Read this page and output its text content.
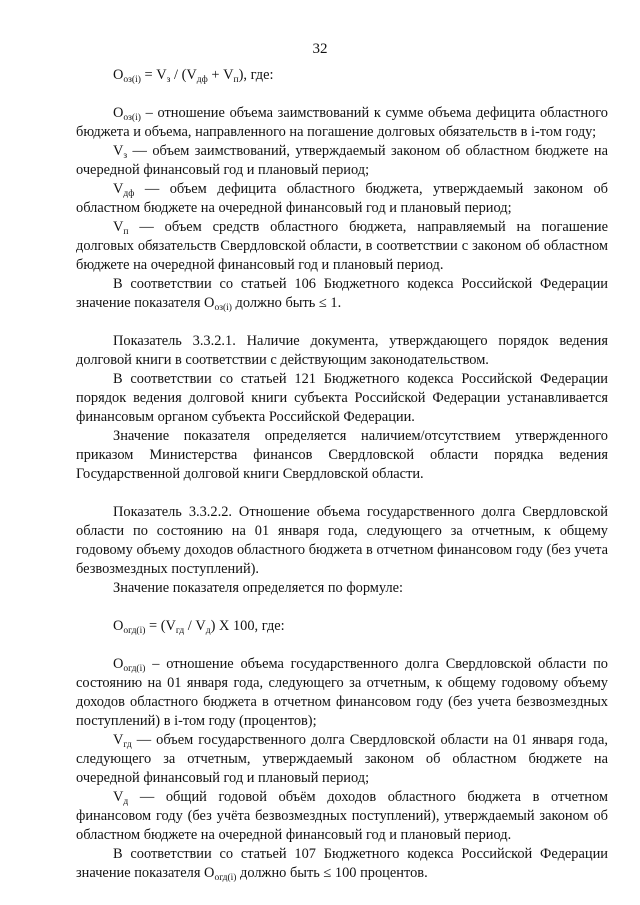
32

$О_{оз(i)} = V_з / (V_{дф} + V_п)$, где:

$О_{оз(i)}$ – отношение объема заимствований к сумме объема дефицита областного бюджета и объема, направленного на погашение долговых обязательств в i-том году;

$V_з$ — объем заимствований, утверждаемый законом об областном бюджете на очередной финансовый год и плановый период;

$V_{дф}$ — объем дефицита областного бюджета, утверждаемый законом об областном бюджете на очередной финансовый год и плановый период;

$V_п$ — объем средств областного бюджета, направляемый на погашение долговых обязательств Свердловской области, в соответствии с законом об областном бюджете на очередной финансовый год и плановый период.

В соответствии со статьей 106 Бюджетного кодекса Российской Федерации значение показателя $О_{оз(i)}$ должно быть ≤ 1.

Показатель 3.3.2.1. Наличие документа, утверждающего порядок ведения долговой книги в соответствии с действующим законодательством.

В соответствии со статьей 121 Бюджетного кодекса Российской Федерации порядок ведения долговой книги субъекта Российской Федерации устанавливается финансовым органом субъекта Российской Федерации.

Значение показателя определяется наличием/отсутствием утвержденного приказом Министерства финансов Свердловской области порядка ведения Государственной долговой книги Свердловской области.

Показатель 3.3.2.2. Отношение объема государственного долга Свердловской области по состоянию на 01 января года, следующего за отчетным, к общему годовому объему доходов областного бюджета в отчетном финансовом году (без учета безвозмездных поступлений).

Значение показателя определяется по формуле:

$О_{огд(i)} = (V_{гд} / V_д)$ X 100, где:

$О_{огд(i)}$ – отношение объема государственного долга Свердловской области по состоянию на 01 января года, следующего за отчетным, к общему годовому объему доходов областного бюджета в отчетном финансовом году (без учета безвозмездных поступлений) в i-том году (процентов);

$V_{гд}$ — объем государственного долга Свердловской области на 01 января года, следующего за отчетным, утверждаемый законом об областном бюджете на очередной финансовый год и плановый период;

$V_д$ — общий годовой объём доходов областного бюджета в отчетном финансовом году (без учёта безвозмездных поступлений), утверждаемый законом об областном бюджете на очередной финансовый год и плановый период.

В соответствии со статьей 107 Бюджетного кодекса Российской Федерации значение показателя $О_{огд(i)}$ должно быть ≤ 100 процентов.
